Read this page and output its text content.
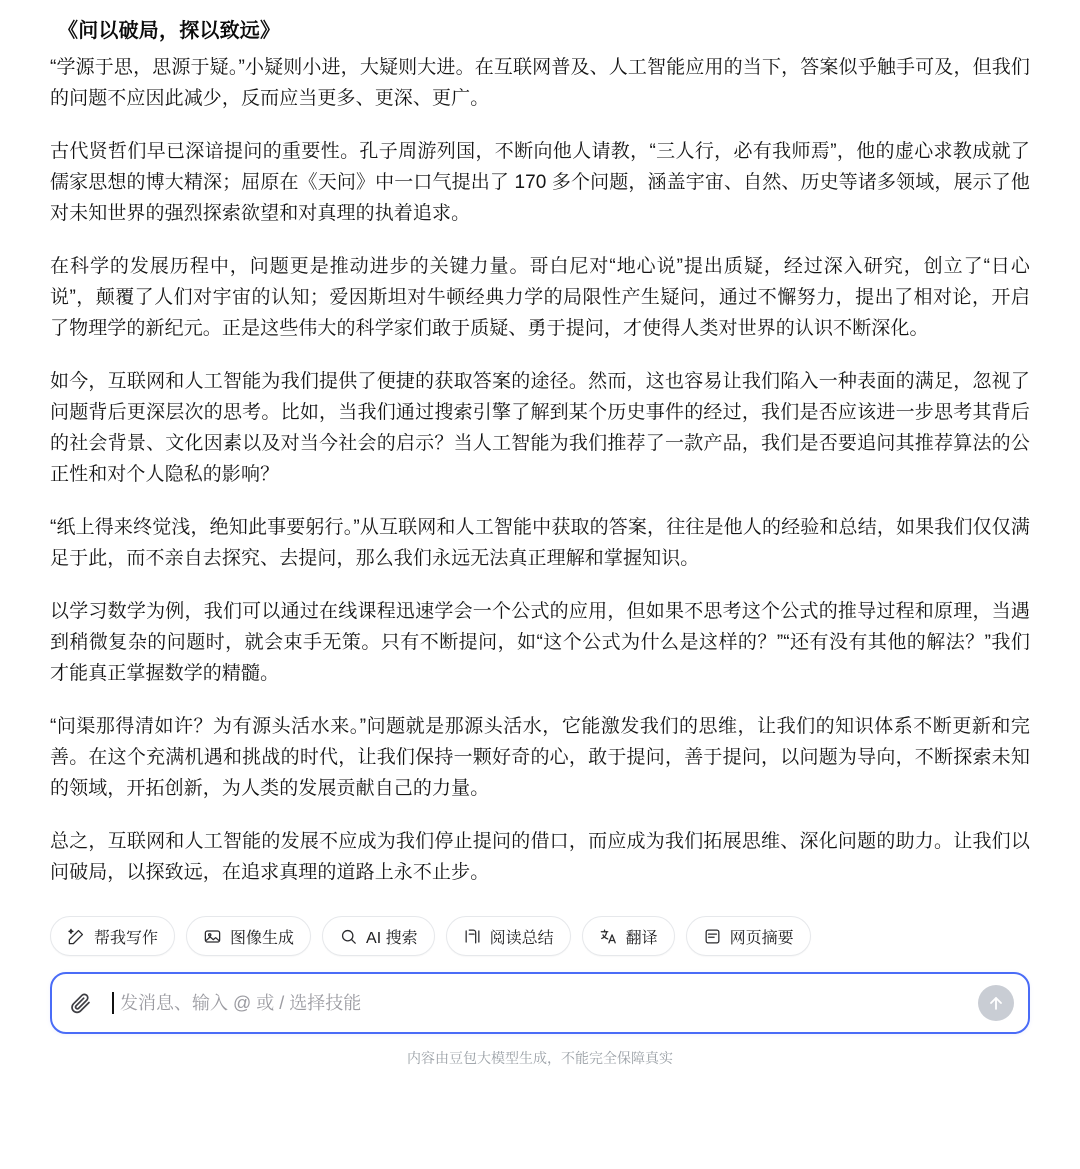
《问以破局，探以致远》

“学源于思，思源于疑。”小疑则小进，大疑则大进。在互联网普及、人工智能应用的当下，答案似乎触手可及，但我们的问题不应因此减少，反而应当更多、更深、更广。

古代贤哲们早已深谙提问的重要性。孔子周游列国，不断向他人请教，“三人行，必有我师焉”，他的虚心求教成就了儒家思想的博大精深；屈原在《天问》中一口气提出了 170 多个问题，涵盖宇宙、自然、历史等诸多领域，展示了他对未知世界的强烈探索欲望和对真理的执着追求。

在科学的发展历程中，问题更是推动进步的关键力量。哥白尼对“地心说”提出质疑，经过深入研究，创立了“日心说”，颠覆了人们对宇宙的认知；爱因斯坦对牛顿经典力学的局限性产生疑问，通过不懈努力，提出了相对论，开启了物理学的新纪元。正是这些伟大的科学家们敢于质疑、勇于提问，才使得人类对世界的认识不断深化。

如今，互联网和人工智能为我们提供了便捷的获取答案的途径。然而，这也容易让我们陷入一种表面的满足，忽视了问题背后更深层次的思考。比如，当我们通过搜索引擎了解到某个历史事件的经过，我们是否应该进一步思考其背后的社会背景、文化因素以及对当今社会的启示？当人工智能为我们推荐了一款产品，我们是否要追问其推荐算法的公正性和对个人隐私的影响？

“纸上得来终觉浅，绝知此事要躬行。”从互联网和人工智能中获取的答案，往往是他人的经验和总结，如果我们仅仅满足于此，而不亲自去探究、去提问，那么我们永远无法真正理解和掌握知识。

以学习数学为例，我们可以通过在线课程迅速学会一个公式的应用，但如果不思考这个公式的推导过程和原理，当遇到稍微复杂的问题时，就会束手无策。只有不断提问，如“这个公式为什么是这样的？”“还有没有其他的解法？”我们才能真正掌握数学的精髓。

“问渠那得清如许？为有源头活水来。”问题就是那源头活水，它能激发我们的思维，让我们的知识体系不断更新和完善。在这个充满机遇和挑战的时代，让我们保持一颗好奇的心，敢于提问，善于提问，以问题为导向，不断探索未知的领域，开拓创新，为人类的发展贡献自己的力量。

总之，互联网和人工智能的发展不应成为我们停止提问的借口，而应成为我们拓展思维、深化问题的助力。让我们以问破局，以探致远，在追求真理的道路上永不止步。

帮我写作	图像生成	AI 搜索	阅读总结	翻译	网页摘要
发消息、输入 @ 或 / 选择技能
内容由豆包大模型生成，不能完全保障真实
